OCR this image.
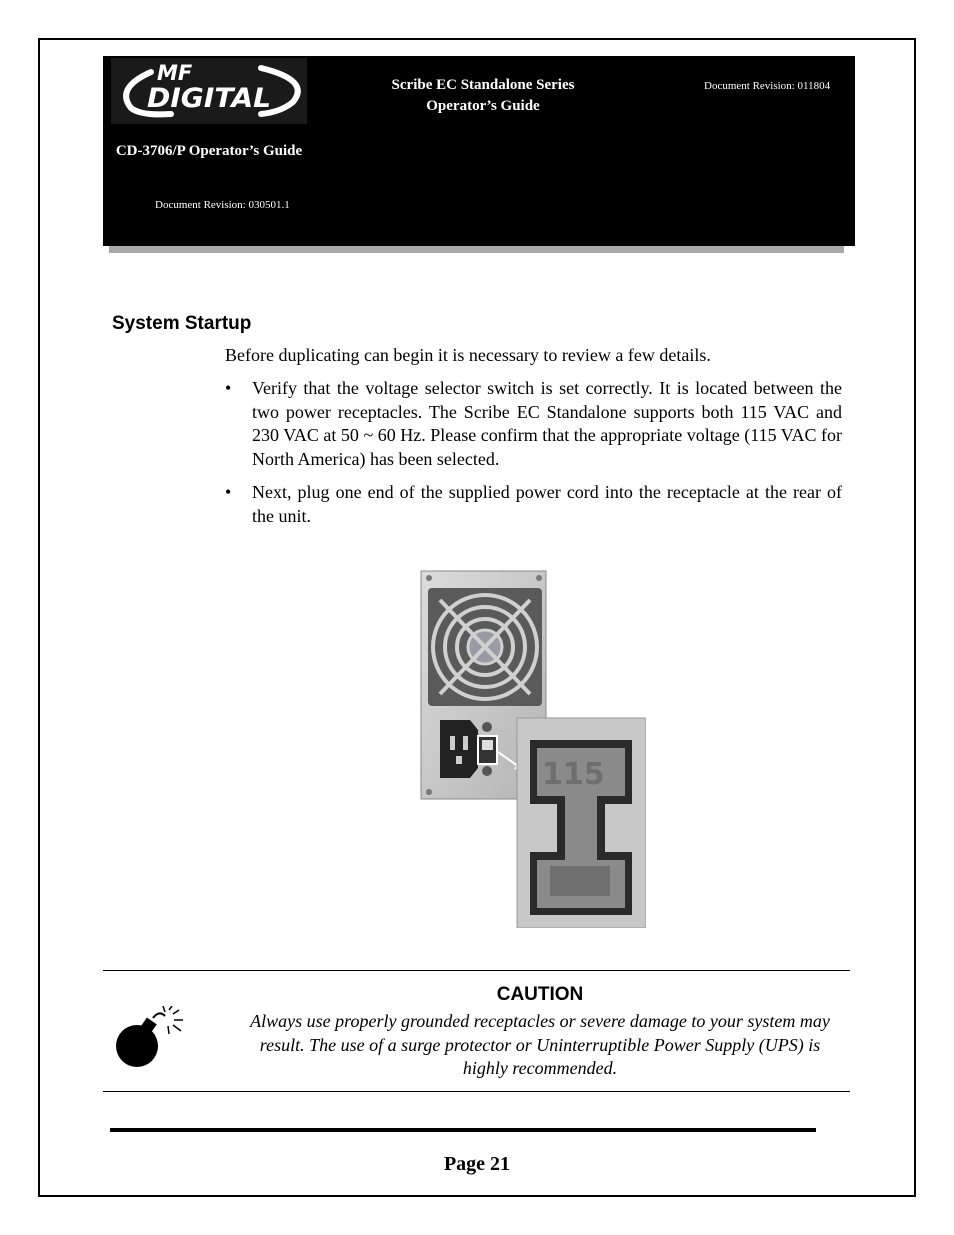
MF
DIGITAL
CD-3706/P Operator’s Guide
Document Revision: 030501.1
Scribe EC Standalone Series
Operator’s Guide
Document Revision: 011804
System Startup
Before duplicating can begin it is necessary to review a few details.
• Verify that the voltage selector switch is set correctly. It is located between the two power receptacles. The Scribe EC Standalone supports both 115 VAC and 230 VAC at 50 ~ 60 Hz. Please confirm that the appropriate voltage (115 VAC for North America) has been selected.
• Next, plug one end of the supplied power cord into the receptacle at the rear of the unit.
115
CAUTION
Always use properly grounded receptacles or severe damage to your system may result. The use of a surge protector or Uninterruptible Power Supply (UPS) is highly recommended.
Page 21
